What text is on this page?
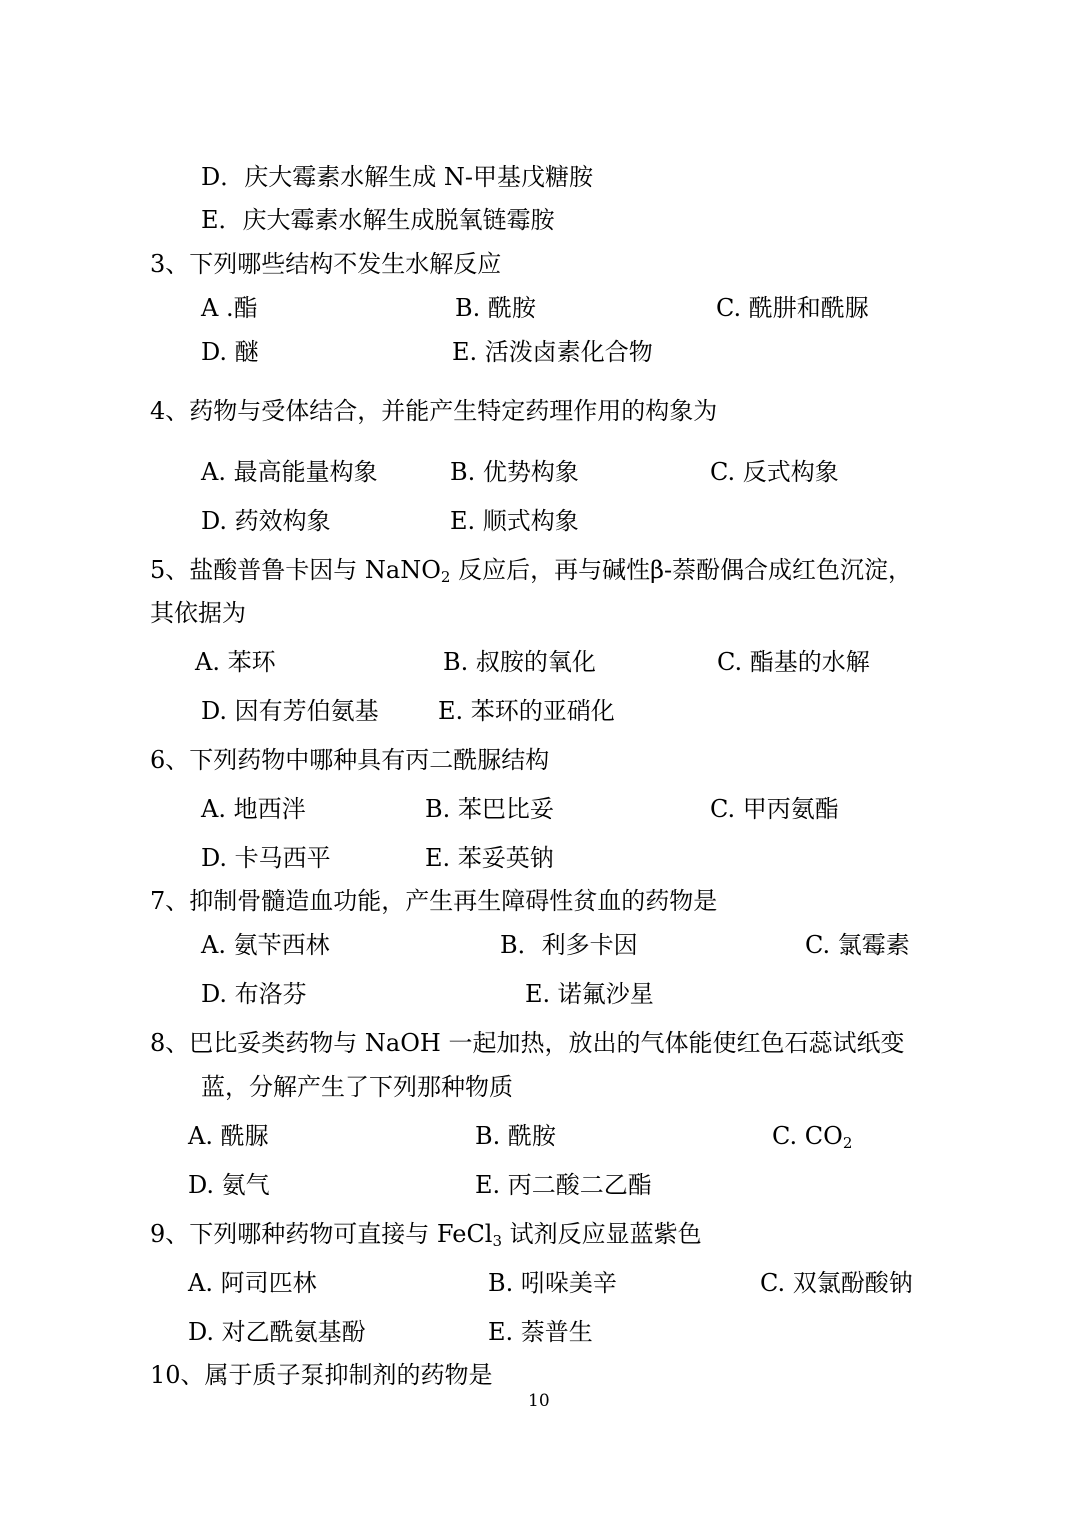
D．庆大霉素水解生成 N-甲基戊糖胺
E．庆大霉素水解生成脱氧链霉胺
3、下列哪些结构不发生水解反应
A .酯	B. 酰胺	C. 酰肼和酰脲
D. 醚	E. 活泼卤素化合物
4、药物与受体结合，并能产生特定药理作用的构象为
A. 最高能量构象	B. 优势构象	C. 反式构象
D. 药效构象	E. 顺式构象
5、盐酸普鲁卡因与 NaNO$_2$ 反应后，再与碱性β-萘酚偶合成红色沉淀，
其依据为
A. 苯环	B. 叔胺的氧化	C. 酯基的水解
D. 因有芳伯氨基 E. 苯环的亚硝化
6、下列药物中哪种具有丙二酰脲结构
A. 地西泮	B. 苯巴比妥	C. 甲丙氨酯
D. 卡马西平	E. 苯妥英钠
7、抑制骨髓造血功能，产生再生障碍性贫血的药物是
A. 氨苄西林	B．利多卡因	C. 氯霉素
D. 布洛芬	E. 诺氟沙星
8、巴比妥类药物与 NaOH 一起加热，放出的气体能使红色石蕊试纸变
蓝，分解产生了下列那种物质
A. 酰脲	B. 酰胺	C. $CO_2$
D. 氨气	E. 丙二酸二乙酯
9、下列哪种药物可直接与 FeCl$_3$ 试剂反应显蓝紫色
A. 阿司匹林	B. 吲哚美辛	C. 双氯酚酸钠
D. 对乙酰氨基酚	E. 萘普生
10、属于质子泵抑制剂的药物是
10
